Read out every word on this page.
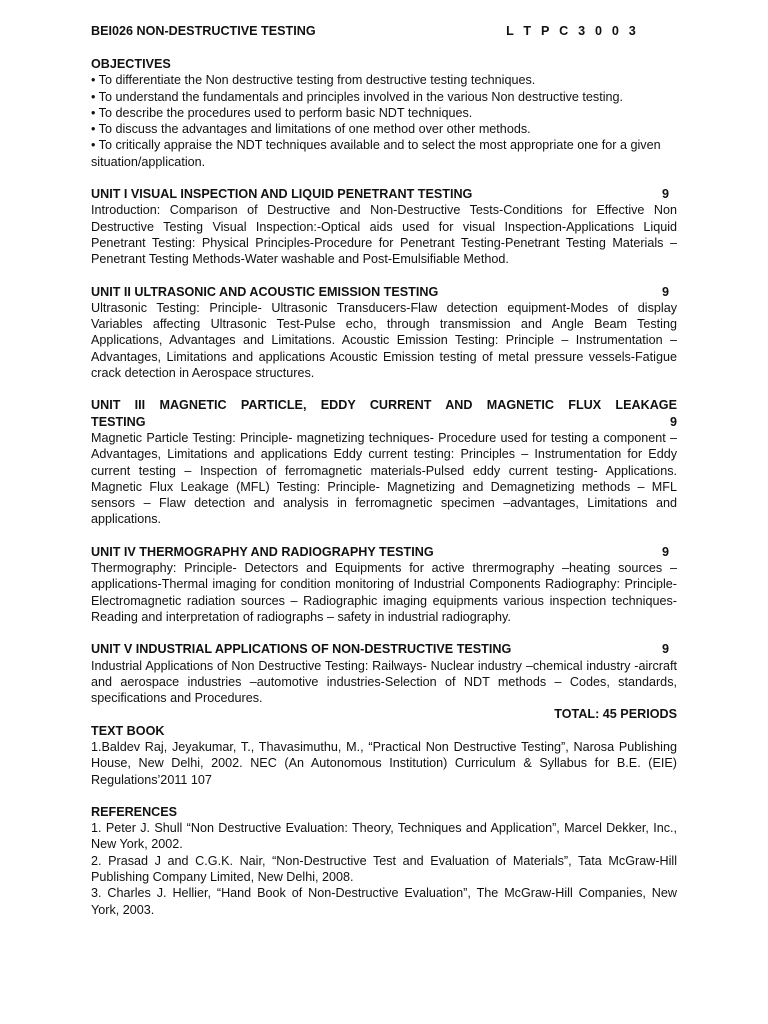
BEI026 NON-DESTRUCTIVE TESTING	L T P C 3 0 0 3
OBJECTIVES
• To differentiate the Non destructive testing from destructive testing techniques.
• To understand the fundamentals and principles involved in the various Non destructive testing.
• To describe the procedures used to perform basic NDT techniques.
• To discuss the advantages and limitations of one method over other methods.
• To critically appraise the NDT techniques available and to select the most appropriate one for a given situation/application.
UNIT I VISUAL INSPECTION AND LIQUID PENETRANT TESTING	9
Introduction: Comparison of Destructive and Non-Destructive Tests-Conditions for Effective Non Destructive Testing Visual Inspection:-Optical aids used for visual Inspection-Applications Liquid Penetrant Testing: Physical Principles-Procedure for Penetrant Testing-Penetrant Testing Materials –Penetrant Testing Methods-Water washable and Post-Emulsifiable Method.
UNIT II ULTRASONIC AND ACOUSTIC EMISSION TESTING	9
Ultrasonic Testing: Principle- Ultrasonic Transducers-Flaw detection equipment-Modes of display Variables affecting Ultrasonic Test-Pulse echo, through transmission and Angle Beam Testing Applications, Advantages and Limitations. Acoustic Emission Testing: Principle – Instrumentation –Advantages, Limitations and applications Acoustic Emission testing of metal pressure vessels-Fatigue crack detection in Aerospace structures.
UNIT III MAGNETIC PARTICLE, EDDY CURRENT AND MAGNETIC FLUX LEAKAGE
TESTING	9
Magnetic Particle Testing: Principle- magnetizing techniques- Procedure used for testing a component –Advantages, Limitations and applications Eddy current testing: Principles – Instrumentation for Eddy current testing – Inspection of ferromagnetic materials-Pulsed eddy current testing- Applications. Magnetic Flux Leakage (MFL) Testing: Principle- Magnetizing and Demagnetizing methods – MFL sensors – Flaw detection and analysis in ferromagnetic specimen –advantages, Limitations and applications.
UNIT IV THERMOGRAPHY AND RADIOGRAPHY TESTING	9
Thermography: Principle- Detectors and Equipments for active thrermography –heating sources – applications-Thermal imaging for condition monitoring of Industrial Components Radiography: Principle- Electromagnetic radiation sources – Radiographic imaging equipments various inspection techniques-Reading and interpretation of radiographs – safety in industrial radiography.
UNIT V INDUSTRIAL APPLICATIONS OF NON-DESTRUCTIVE TESTING	9
Industrial Applications of Non Destructive Testing: Railways- Nuclear industry –chemical industry -aircraft and aerospace industries –automotive industries-Selection of NDT methods – Codes, standards, specifications and Procedures.
TOTAL: 45 PERIODS
TEXT BOOK
1.Baldev Raj, Jeyakumar, T., Thavasimuthu, M., “Practical Non Destructive Testing”, Narosa Publishing House, New Delhi, 2002. NEC (An Autonomous Institution) Curriculum & Syllabus for B.E. (EIE) Regulations’2011 107
REFERENCES
1. Peter J. Shull “Non Destructive Evaluation: Theory, Techniques and Application”, Marcel Dekker, Inc., New York, 2002.
2. Prasad J and C.G.K. Nair, “Non-Destructive Test and Evaluation of Materials”, Tata McGraw-Hill Publishing Company Limited, New Delhi, 2008.
3. Charles J. Hellier, “Hand Book of Non-Destructive Evaluation”, The McGraw-Hill Companies, New York, 2003.
